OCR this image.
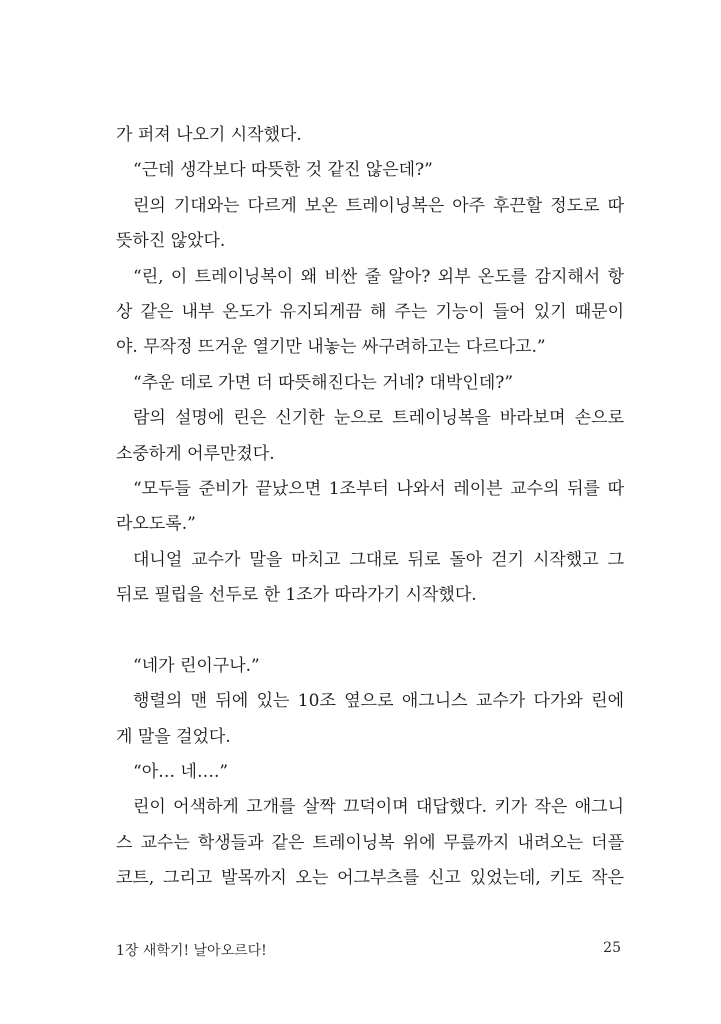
가 퍼져 나오기 시작했다.
“근데 생각보다 따뜻한 것 같진 않은데?”
린의 기대와는 다르게 보온 트레이닝복은 아주 후끈할 정도로 따
뜻하진 않았다.
“린, 이 트레이닝복이 왜 비싼 줄 알아? 외부 온도를 감지해서 항
상 같은 내부 온도가 유지되게끔 해 주는 기능이 들어 있기 때문이
야. 무작정 뜨거운 열기만 내놓는 싸구려하고는 다르다고.”
“추운 데로 가면 더 따뜻해진다는 거네? 대박인데?”
람의 설명에 린은 신기한 눈으로 트레이닝복을 바라보며 손으로
소중하게 어루만졌다.
“모두들 준비가 끝났으면 1조부터 나와서 레이븐 교수의 뒤를 따
라오도록.”
대니얼 교수가 말을 마치고 그대로 뒤로 돌아 걷기 시작했고 그
뒤로 필립을 선두로 한 1조가 따라가기 시작했다.
“네가 린이구나.”
행렬의 맨 뒤에 있는 10조 옆으로 애그니스 교수가 다가와 린에
게 말을 걸었다.
“아… 네….”
린이 어색하게 고개를 살짝 끄덕이며 대답했다. 키가 작은 애그니
스 교수는 학생들과 같은 트레이닝복 위에 무릎까지 내려오는 더플
코트, 그리고 발목까지 오는 어그부츠를 신고 있었는데, 키도 작은
1장 새학기! 날아오르다!	25
